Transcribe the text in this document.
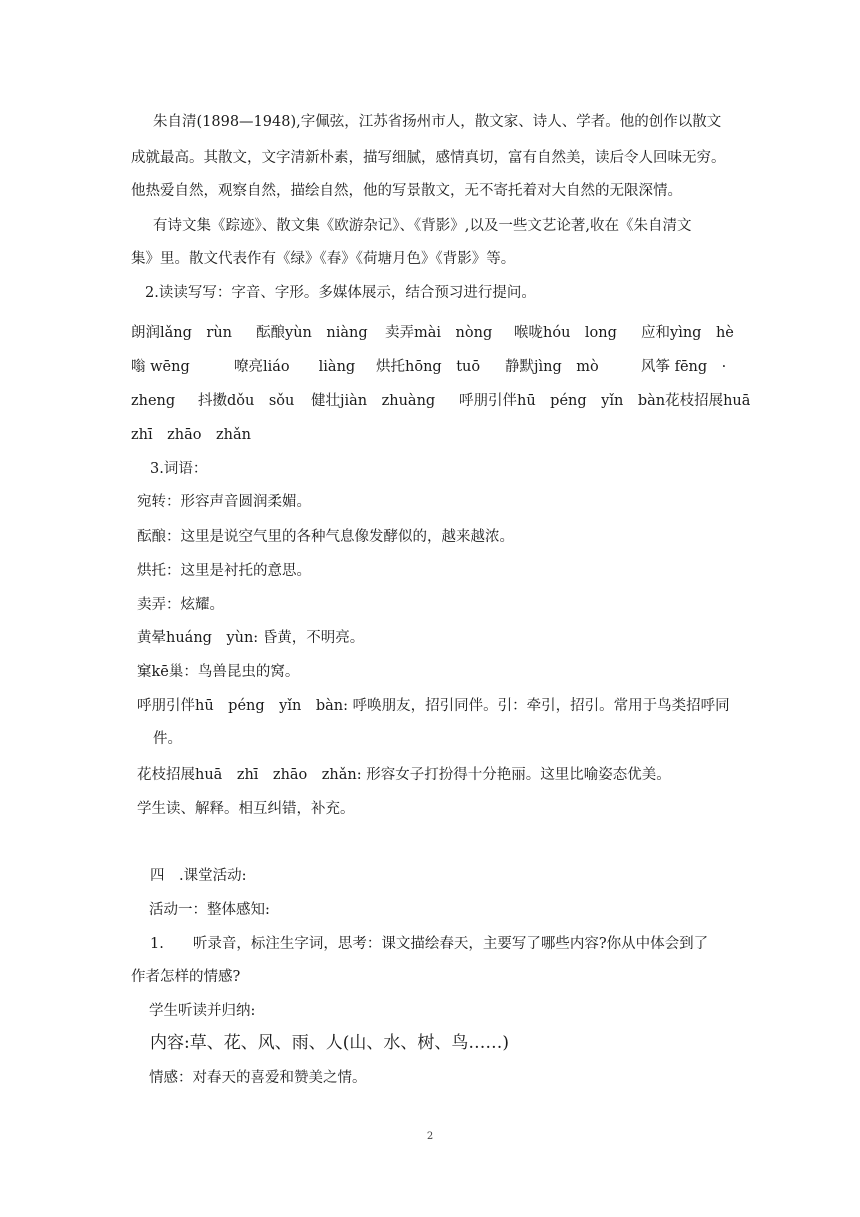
朱自清(1898—1948),字佩弦，江苏省扬州市人，散文家、诗人、学者。他的创作以散文
成就最高。其散文，文字清新朴素，描写细腻，感情真切，富有自然美，读后令人回味无穷。
他热爱自然，观察自然，描绘自然，他的写景散文，无不寄托着对大自然的无限深情。
有诗文集《踪迹》、散文集《欧游杂记》、《背影》,以及一些文艺论著,收在《朱自清文
集》里。散文代表作有《绿》《春》《荷塘月色》《背影》等。
2.读读写写：字音、字形。多媒体展示，结合预习进行提问。
朗润lǎng　rùn 酝酿yùn　niàng 卖弄mài　nòng 喉咙hóu　long 应和yìng　hè
嗡 wēng	嘹亮liáo　　liàng 烘托hōng　tuō 静默jìng　mò	风筝 fēng　·
zheng 抖擞dǒu　sǒu 健壮jiàn　zhuàng 呼朋引伴hū　péng　yǐn　bàn花枝招展huā
zhī　zhāo　zhǎn
3.词语：
宛转：形容声音圆润柔媚。
酝酿：这里是说空气里的各种气息像发酵似的，越来越浓。
烘托：这里是衬托的意思。
卖弄：炫耀。
黄晕huáng　yùn: 昏黄，不明亮。
窠kē巢：鸟兽昆虫的窝。
呼朋引伴hū　péng　yǐn　bàn: 呼唤朋友，招引同伴。引：牵引，招引。常用于鸟类招呼同
件。
花枝招展huā　zhī　zhāo　zhǎn: 形容女子打扮得十分艳丽。这里比喻姿态优美。
学生读、解释。相互纠错，补充。
四　.课堂活动:
活动一：整体感知:
1.　　听录音，标注生字词，思考：课文描绘春天，主要写了哪些内容?你从中体会到了
作者怎样的情感?
学生听读并归纳:
内容:草、花、风、雨、人(山、水、树、鸟……)
情感：对春天的喜爱和赞美之情。
2
